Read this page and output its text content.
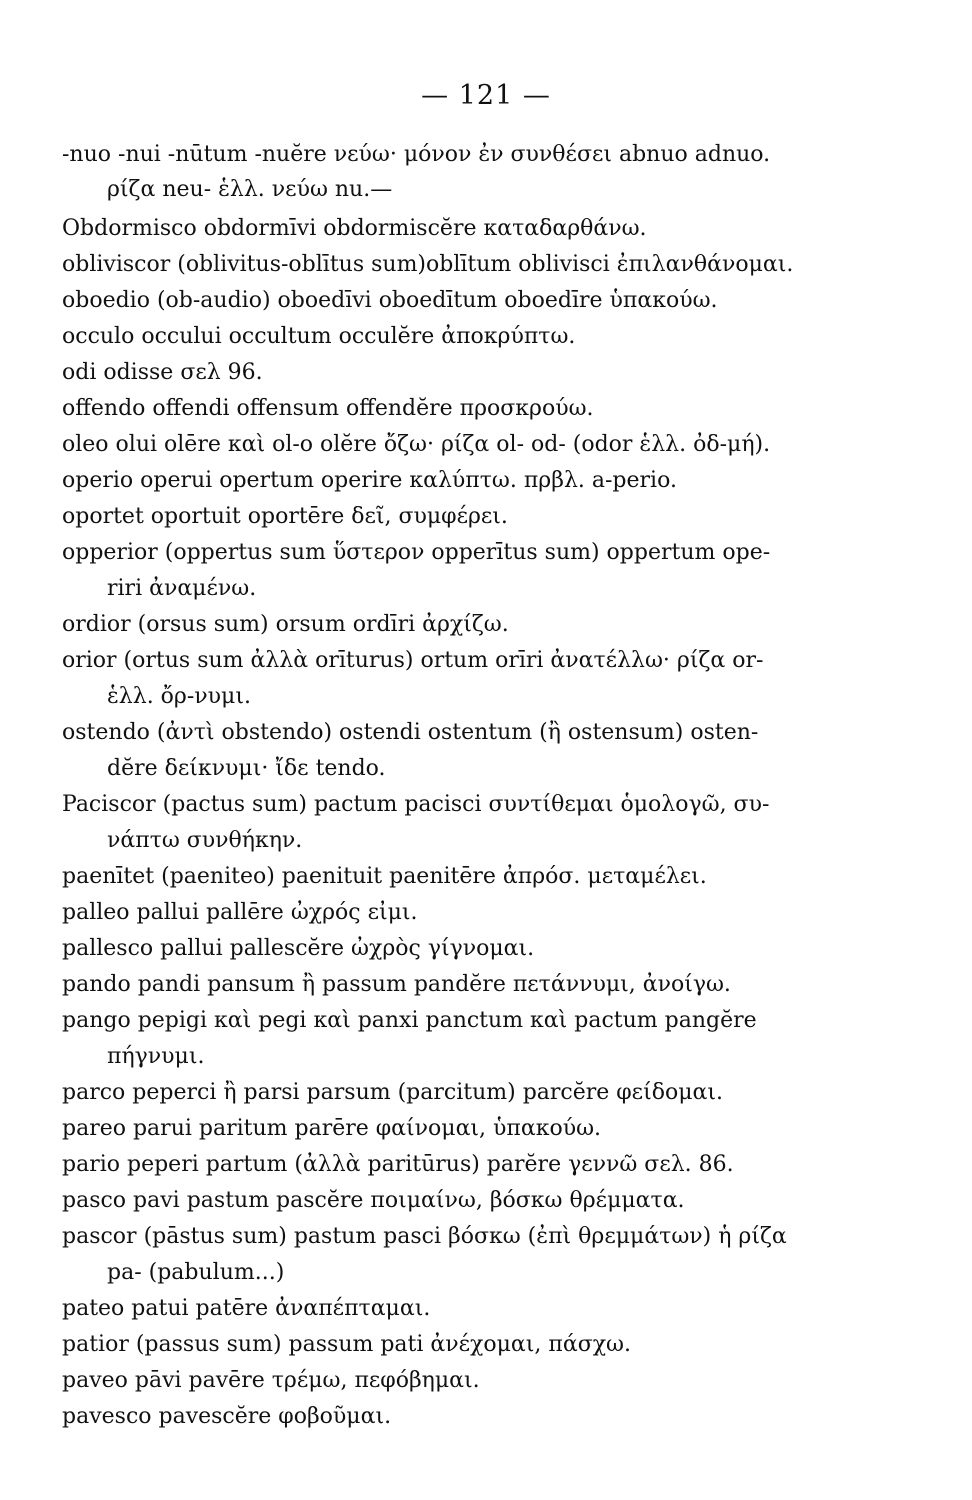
— 121 —
-nuo -nui -nūtum -nuĕre νεύω· μόνον ἐν συνθέσει abnuo adnuo.
ρίζα neu- ἑλλ. νεύω nu.—
Obdormisco obdormīvi obdormiscĕre καταδαρθάνω.
obliviscor (oblivitus-oblītus sum)oblītum oblivisci ἐπιλανθάνομαι.
oboedio (ob-audio) oboedīvi oboedītum oboedīre ὑπακούω.
occulo occului occultum occulĕre ἀποκρύπτω.
odi odisse σελ 96.
offendo offendi offensum offendĕre προσκρούω.
oleo olui olēre καὶ ol-o olĕre ὄζω· ρίζα ol- od- (odor ἑλλ. ὀδ-μή).
operio operui opertum operire καλύπτω. πρβλ. a-perio.
oportet oportuit oportēre δεῖ, συμφέρει.
opperior (oppertus sum ὕστερον opperītus sum) oppertum ope-
riri ἀναμένω.
ordior (orsus sum) orsum ordīri ἀρχίζω.
orior (ortus sum ἀλλὰ orīturus) ortum orīri ἀνατέλλω· ρίζα or-
ἑλλ. ὄρ-νυμι.
ostendo (ἀντὶ obstendo) ostendi ostentum (ἢ ostensum) osten-
dĕre δείκνυμι· ἴδε tendo.
Paciscor (pactus sum) pactum pacisci συντίθεμαι ὁμολογῶ, συ-
νάπτω συνθήκην.
paenītet (paeniteo) paenituit paenitēre ἀπρόσ. μεταμέλει.
palleo pallui pallēre ὠχρός εἰμι.
pallesco pallui pallescĕre ὠχρὸς γίγνομαι.
pando pandi pansum ἢ passum pandĕre πετάννυμι, ἀνοίγω.
pango pepigi καὶ pegi καὶ panxi panctum καὶ pactum pangĕre
πήγνυμι.
parco peperci ἢ parsi parsum (parcitum) parcĕre φείδομαι.
pareo parui paritum parēre φαίνομαι, ὑπακούω.
pario peperi partum (ἀλλὰ paritūrus) parĕre γεννῶ σελ. 86.
pasco pavi pastum pascĕre ποιμαίνω, βόσκω θρέμματα.
pascor (pāstus sum) pastum pasci βόσκω (ἐπὶ θρεμμάτων) ἡ ρίζα
pa- (pabulum...)
pateo patui patēre ἀναπέπταμαι.
patior (passus sum) passum pati ἀνέχομαι, πάσχω.
paveo pāvi pavēre τρέμω, πεφόβημαι.
pavesco pavescĕre φοβοῦμαι.
